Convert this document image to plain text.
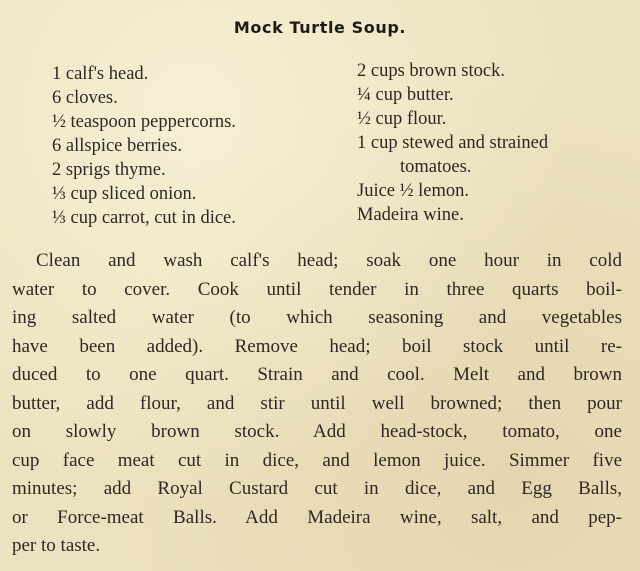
Mock Turtle Soup.
1 calf's head.
6 cloves.
½ teaspoon peppercorns.
6 allspice berries.
2 sprigs thyme.
⅓ cup sliced onion.
⅓ cup carrot, cut in dice.
2 cups brown stock.
¼ cup butter.
½ cup flour.
1 cup stewed and strained
tomatoes.
Juice ½ lemon.
Madeira wine.
Clean and wash calf's head; soak one hour in cold
water to cover. Cook until tender in three quarts boil-
ing salted water (to which seasoning and vegetables
have been added). Remove head; boil stock until re-
duced to one quart. Strain and cool. Melt and brown
butter, add flour, and stir until well browned; then pour
on slowly brown stock. Add head-stock, tomato, one
cup face meat cut in dice, and lemon juice. Simmer five
minutes; add Royal Custard cut in dice, and Egg Balls,
or Force-meat Balls. Add Madeira wine, salt, and pep-
per to taste.
